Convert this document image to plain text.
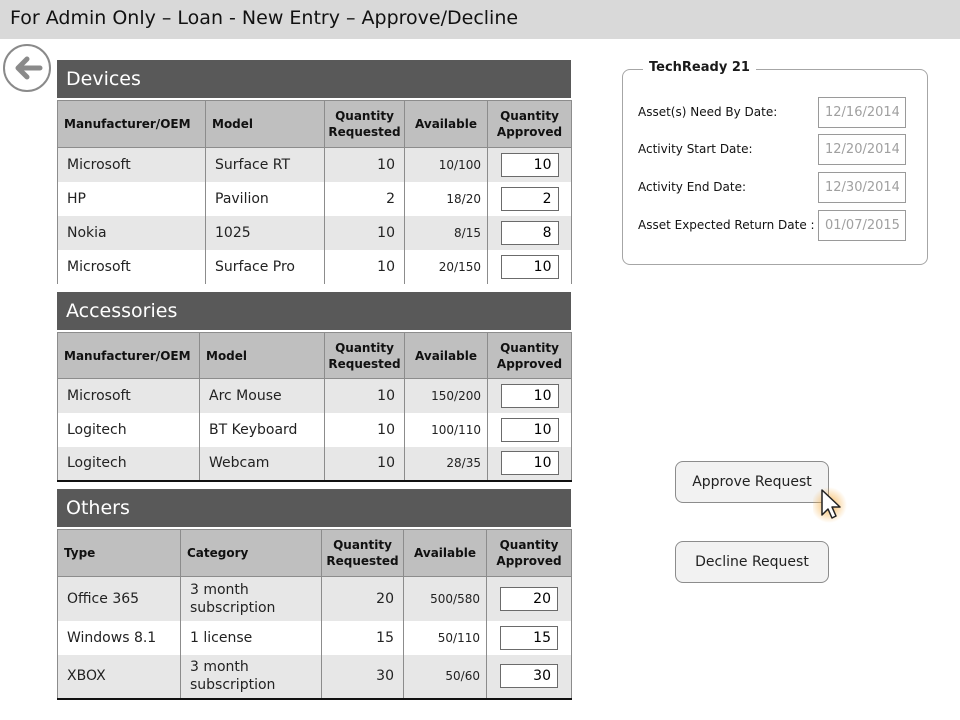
For Admin Only – Loan - New Entry – Approve/Decline
Devices
Manufacturer/OEM	Model	Quantity Requested	Available	Quantity Approved
Microsoft	Surface RT	10	10/100	10
HP	Pavilion	2	18/20	2
Nokia	1025	10	8/15	8
Microsoft	Surface Pro	10	20/150	10
Accessories
Manufacturer/OEM	Model	Quantity Requested	Available	Quantity Approved
Microsoft	Arc Mouse	10	150/200	10
Logitech	BT Keyboard	10	100/110	10
Logitech	Webcam	10	28/35	10
Others
Type	Category	Quantity Requested	Available	Quantity Approved
Office 365	3 month subscription	20	500/580	20
Windows 8.1	1 license	15	50/110	15
XBOX	3 month subscription	30	50/60	30
TechReady 21
Asset(s) Need By Date:
12/16/2014
Activity Start Date:
12/20/2014
Activity End Date:
12/30/2014
Asset Expected Return Date :
01/07/2015
Approve Request
Decline Request
